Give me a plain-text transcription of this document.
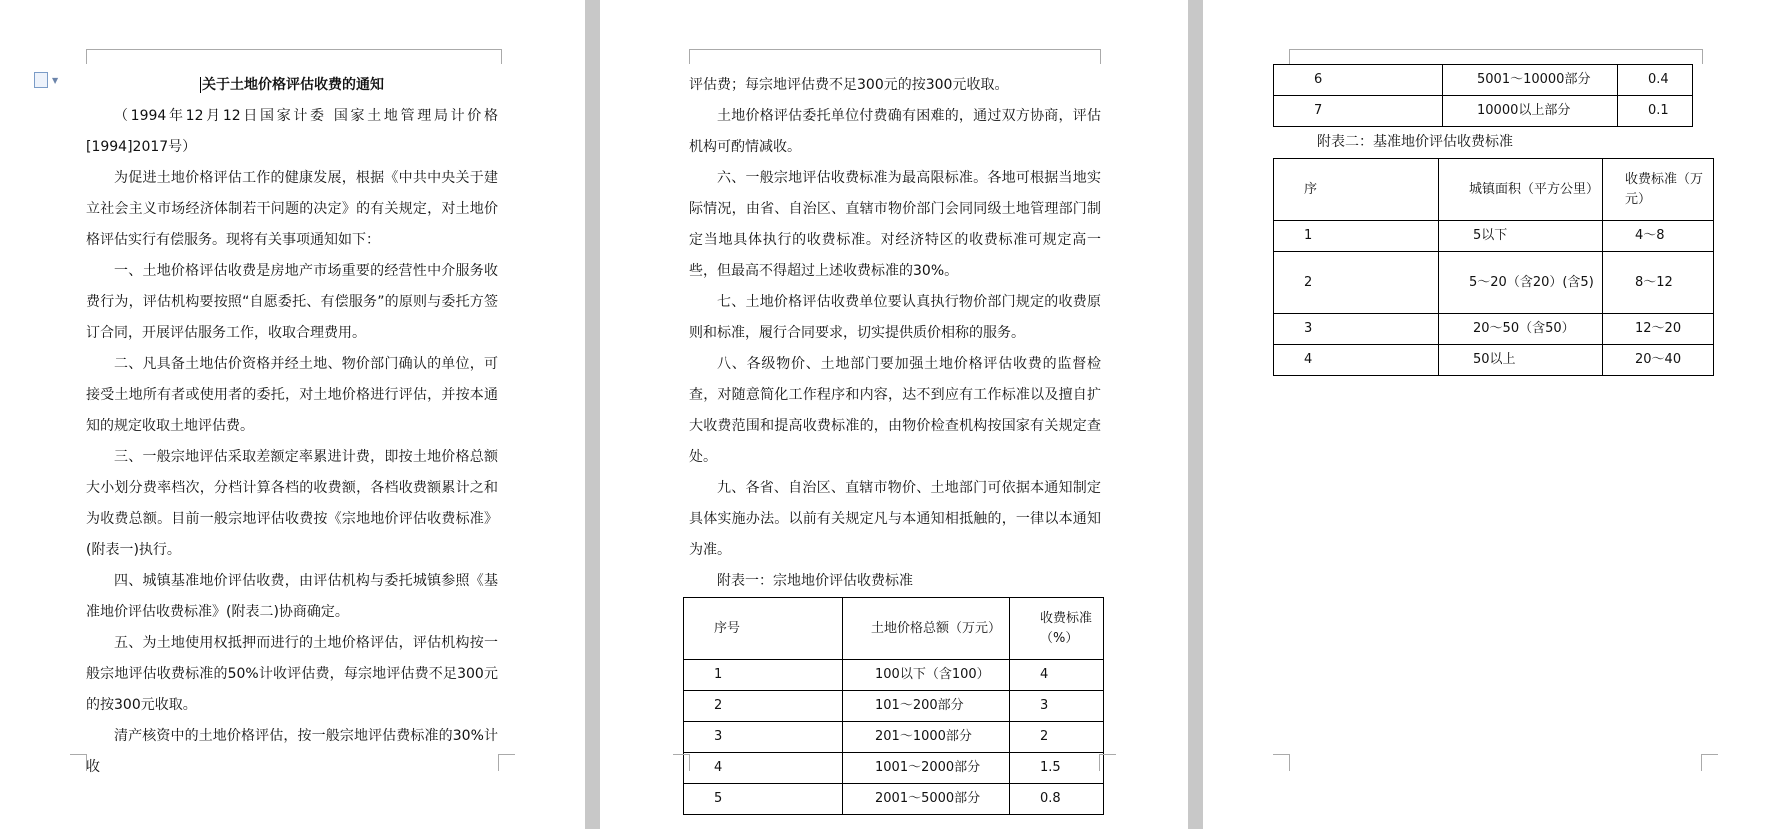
▼	关于土地价格评估收费的通知

（1994年12月12日国家计委 国家土地管理局计价格[1994]2017号）

为促进土地价格评估工作的健康发展，根据《中共中央关于建立社会主义市场经济体制若干问题的决定》的有关规定，对土地价格评估实行有偿服务。现将有关事项通知如下：

一、土地价格评估收费是房地产市场重要的经营性中介服务收费行为，评估机构要按照“自愿委托、有偿服务”的原则与委托方签订合同，开展评估服务工作，收取合理费用。

二、凡具备土地估价资格并经土地、物价部门确认的单位，可接受土地所有者或使用者的委托，对土地价格进行评估，并按本通知的规定收取土地评估费。

三、一般宗地评估采取差额定率累进计费，即按土地价格总额大小划分费率档次，分档计算各档的收费额，各档收费额累计之和为收费总额。目前一般宗地评估收费按《宗地地价评估收费标准》(附表一)执行。

四、城镇基准地价评估收费，由评估机构与委托城镇参照《基准地价评估收费标准》(附表二)协商确定。

五、为土地使用权抵押而进行的土地价格评估，评估机构按一般宗地评估收费标准的50%计收评估费，每宗地评估费不足300元的按300元收取。

清产核资中的土地价格评估，按一般宗地评估费标准的30%计收

评估费；每宗地评估费不足300元的按300元收取。

土地价格评估委托单位付费确有困难的，通过双方协商，评估机构可酌情减收。

六、一般宗地评估收费标准为最高限标准。各地可根据当地实际情况，由省、自治区、直辖市物价部门会同同级土地管理部门制定当地具体执行的收费标准。对经济特区的收费标准可规定高一些，但最高不得超过上述收费标准的30%。

七、土地价格评估收费单位要认真执行物价部门规定的收费原则和标准，履行合同要求，切实提供质价相称的服务。

八、各级物价、土地部门要加强土地价格评估收费的监督检查，对随意简化工作程序和内容，达不到应有工作标准以及擅自扩大收费范围和提高收费标准的，由物价检查机构按国家有关规定查处。

九、各省、自治区、直辖市物价、土地部门可依据本通知制定具体实施办法。以前有关规定凡与本通知相抵触的，一律以本通知为准。

附表一：宗地地价评估收费标准

序号	土地价格总额（万元）	收费标准（%）
1	100以下（含100）	4
2	101～200部分	3
3	201～1000部分	2
4	1001～2000部分	1.5
5	2001～5000部分	0.8
6	5001～10000部分	0.4
7	10000以上部分	0.1

附表二：基准地价评估收费标准

序	城镇面积（平方公里）	收费标准（万元）
1	5以下	4～8
2	5～20（含20）(含5)	8～12
3	20～50（含50）	12～20
4	50以上	20～40
